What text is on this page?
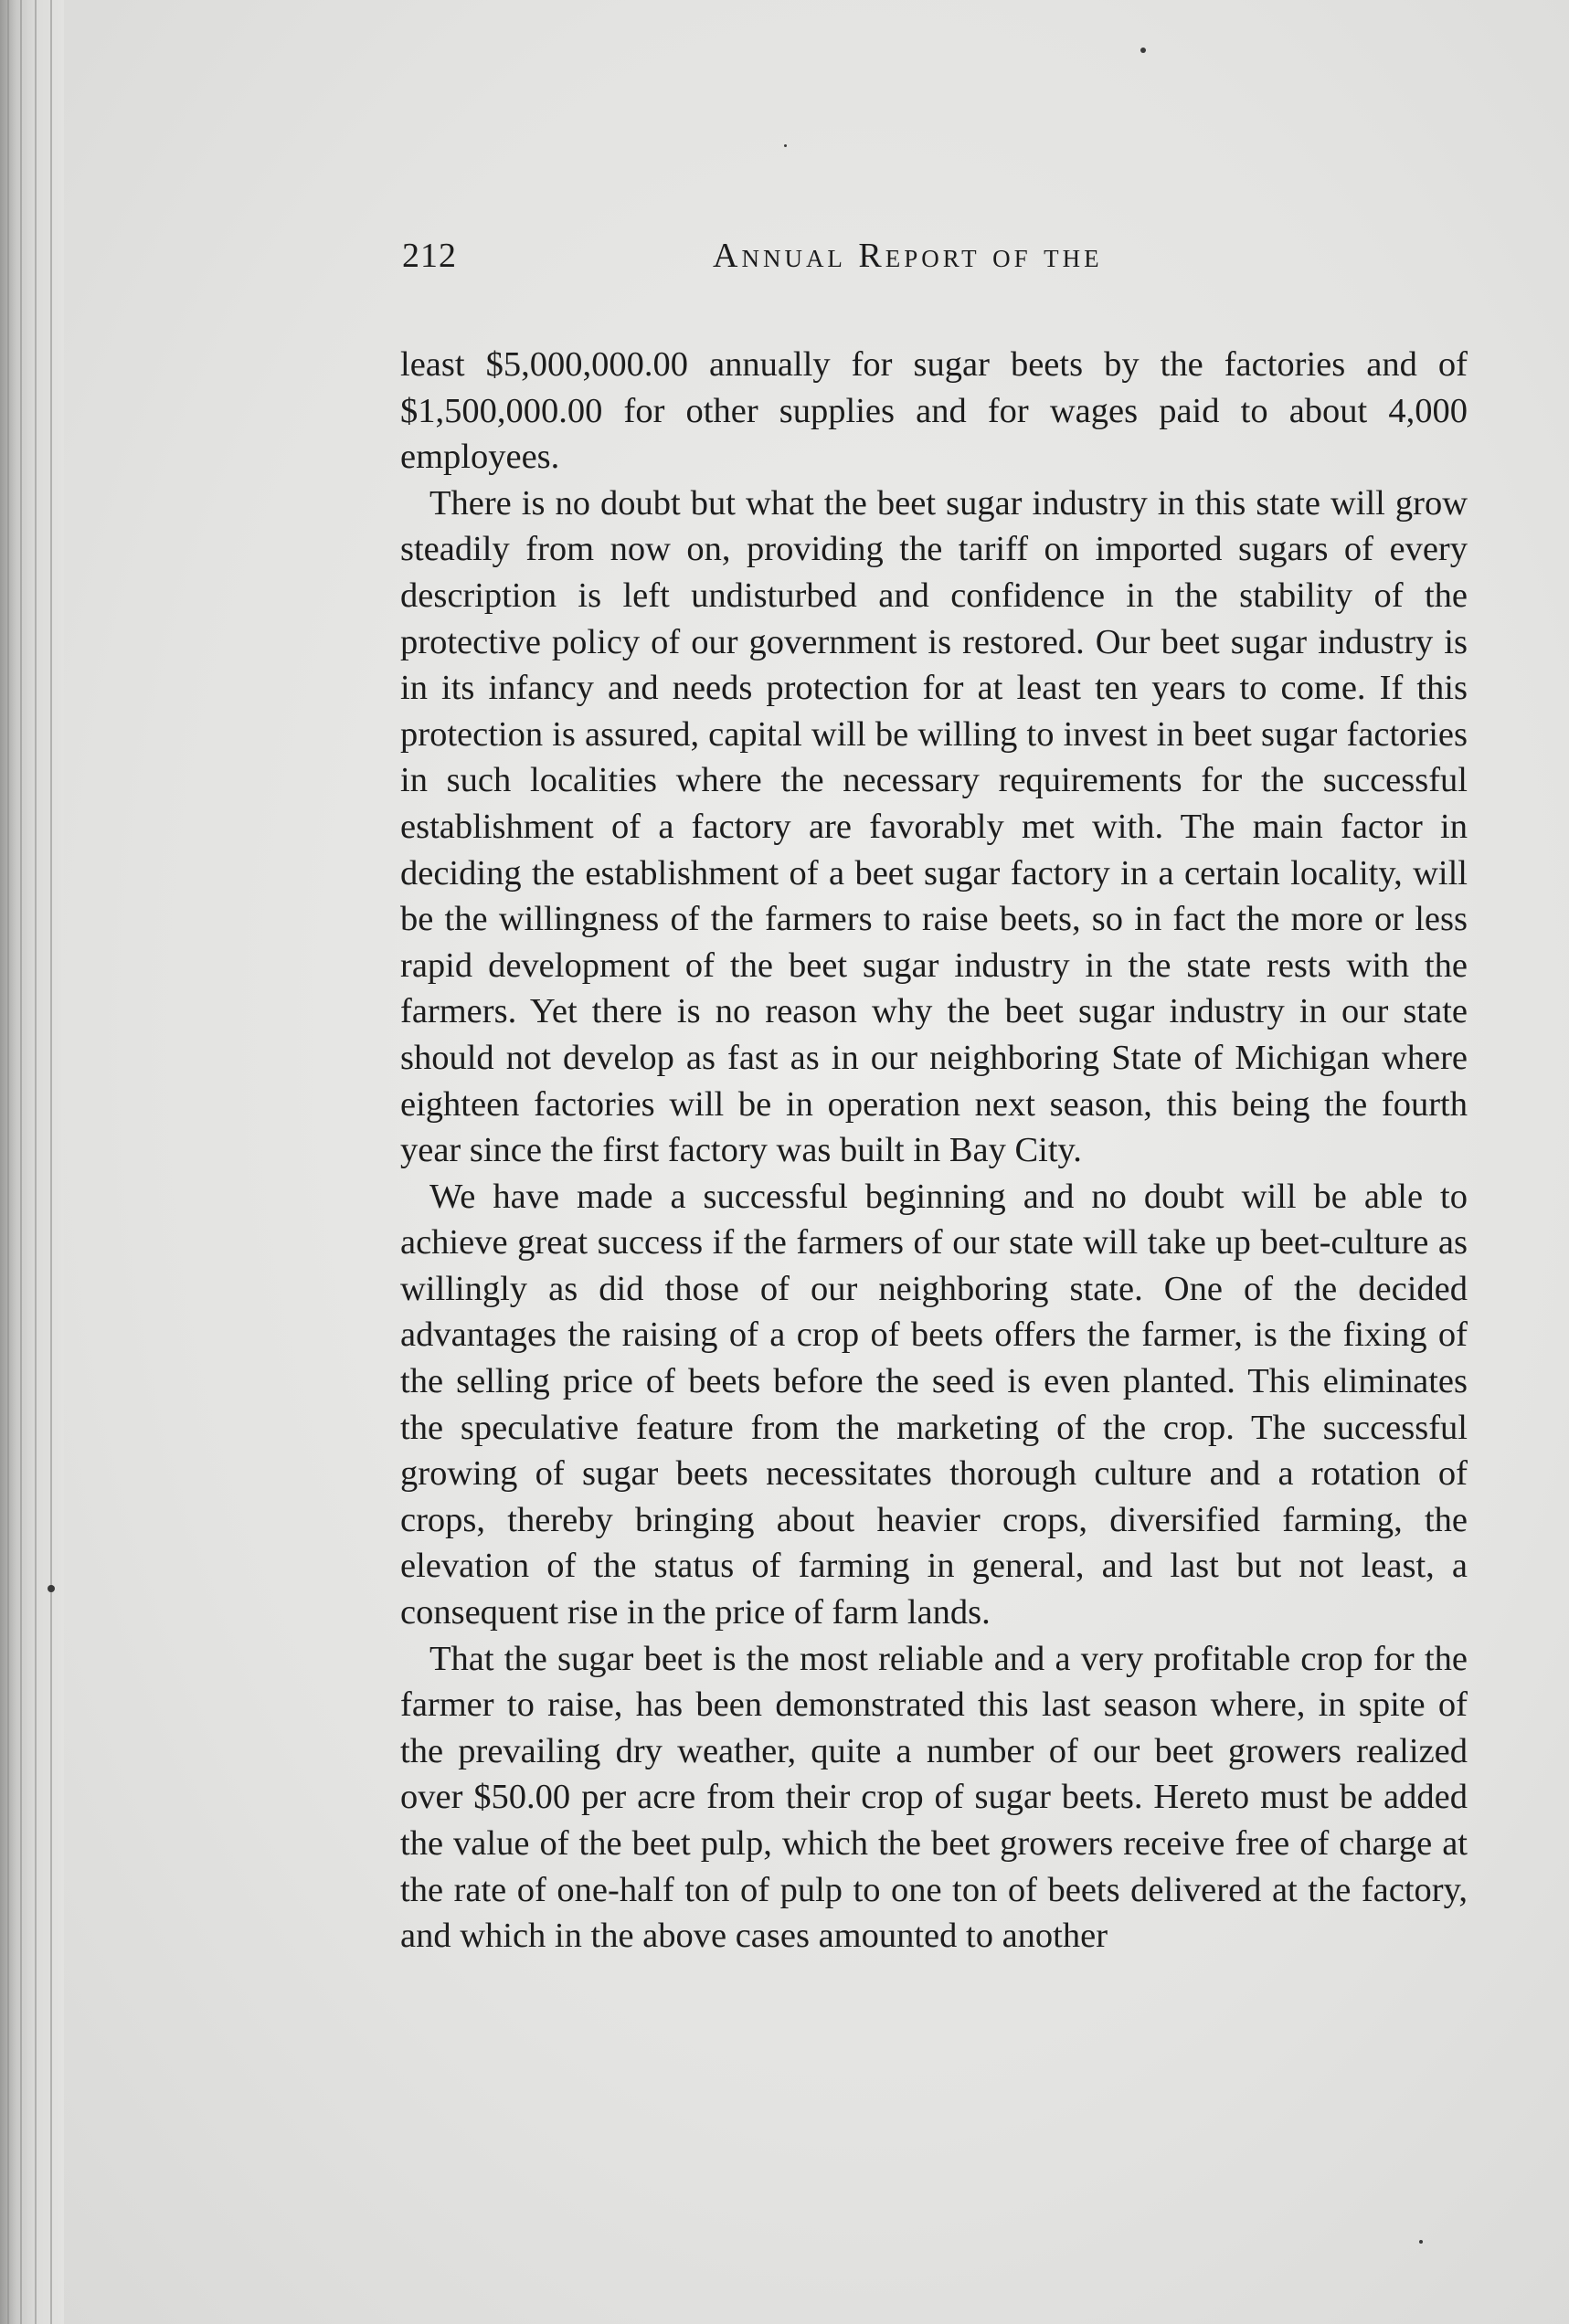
212	Annual Report of the

least $5,000,000.00 annually for sugar beets by the factories and of $1,500,000.00 for other supplies and for wages paid to about 4,000 employees.

There is no doubt but what the beet sugar industry in this state will grow steadily from now on, providing the tariff on imported sugars of every description is left undisturbed and confidence in the stability of the protective policy of our government is restored. Our beet sugar industry is in its infancy and needs protection for at least ten years to come. If this protection is assured, capital will be willing to invest in beet sugar factories in such localities where the necessary requirements for the successful establishment of a factory are favorably met with. The main factor in deciding the establishment of a beet sugar factory in a certain locality, will be the willingness of the farmers to raise beets, so in fact the more or less rapid development of the beet sugar industry in the state rests with the farmers. Yet there is no reason why the beet sugar industry in our state should not develop as fast as in our neighboring State of Michigan where eighteen factories will be in operation next season, this being the fourth year since the first factory was built in Bay City.

We have made a successful beginning and no doubt will be able to achieve great success if the farmers of our state will take up beet-culture as willingly as did those of our neighboring state. One of the decided advantages the raising of a crop of beets offers the farmer, is the fixing of the selling price of beets before the seed is even planted. This eliminates the speculative feature from the marketing of the crop. The successful growing of sugar beets necessitates thorough culture and a rotation of crops, thereby bringing about heavier crops, diversified farming, the elevation of the status of farming in general, and last but not least, a consequent rise in the price of farm lands.

That the sugar beet is the most reliable and a very profitable crop for the farmer to raise, has been demonstrated this last season where, in spite of the prevailing dry weather, quite a number of our beet growers realized over $50.00 per acre from their crop of sugar beets. Hereto must be added the value of the beet pulp, which the beet growers receive free of charge at the rate of one-half ton of pulp to one ton of beets delivered at the factory, and which in the above cases amounted to another
